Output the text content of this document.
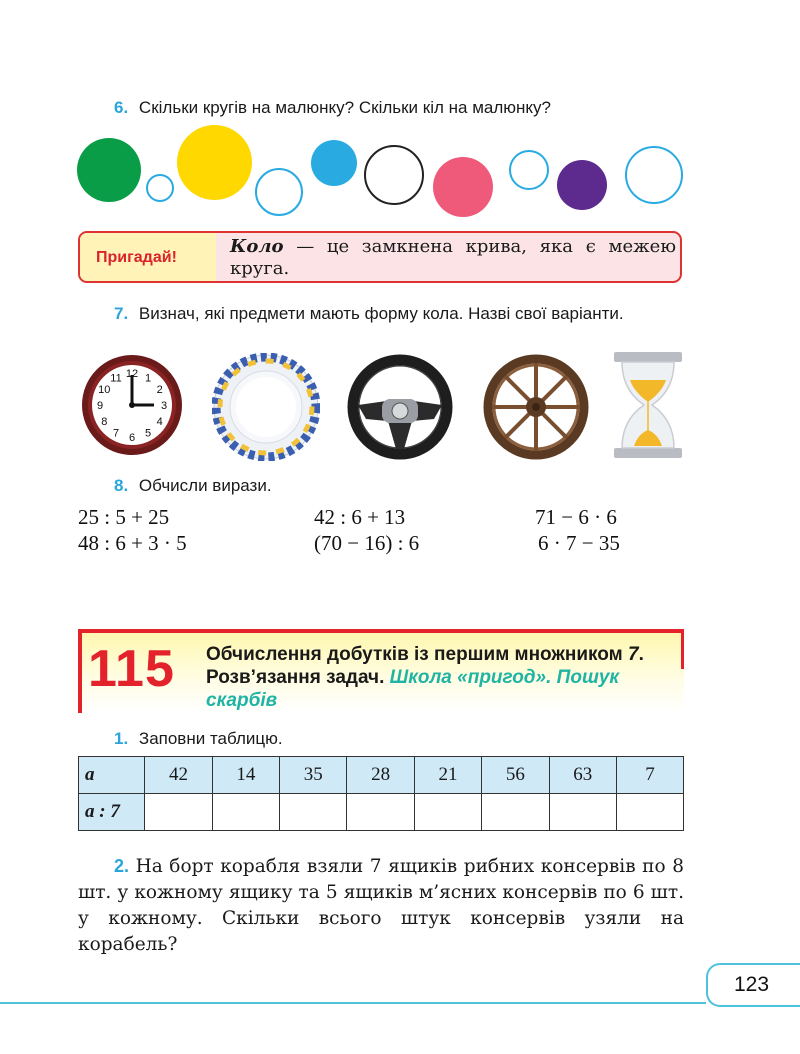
6. Скільки кругів на малюнку? Скільки кіл на малюнку?
Пригадай!
Коло — це замкнена крива, яка є межею круга.
7. Визнач, які предмети мають форму кола. Назві свої варіанти.
12 1
2
3
4
5
6
7
8
9
10
11
8. Обчисли вирази.
25 : 5 + 25	42 : 6 + 13	71 − 6 · 6
48 : 6 + 3 · 5	(70 − 16) : 6	6 · 7 − 35
115 Обчислення добутків із першим множником 7. Розв’язання задач. Школа «пригод». Пошук скарбів
1. Заповни таблицю.
a	42	14	35	28	21	56	63	7
a : 7								
2. На борт корабля взяли 7 ящиків рибних консервів по 8 шт. у кожному ящику та 5 ящиків м’ясних консервів по 6 шт. у кожному. Скільки всього штук консервів узяли на корабель?
123
